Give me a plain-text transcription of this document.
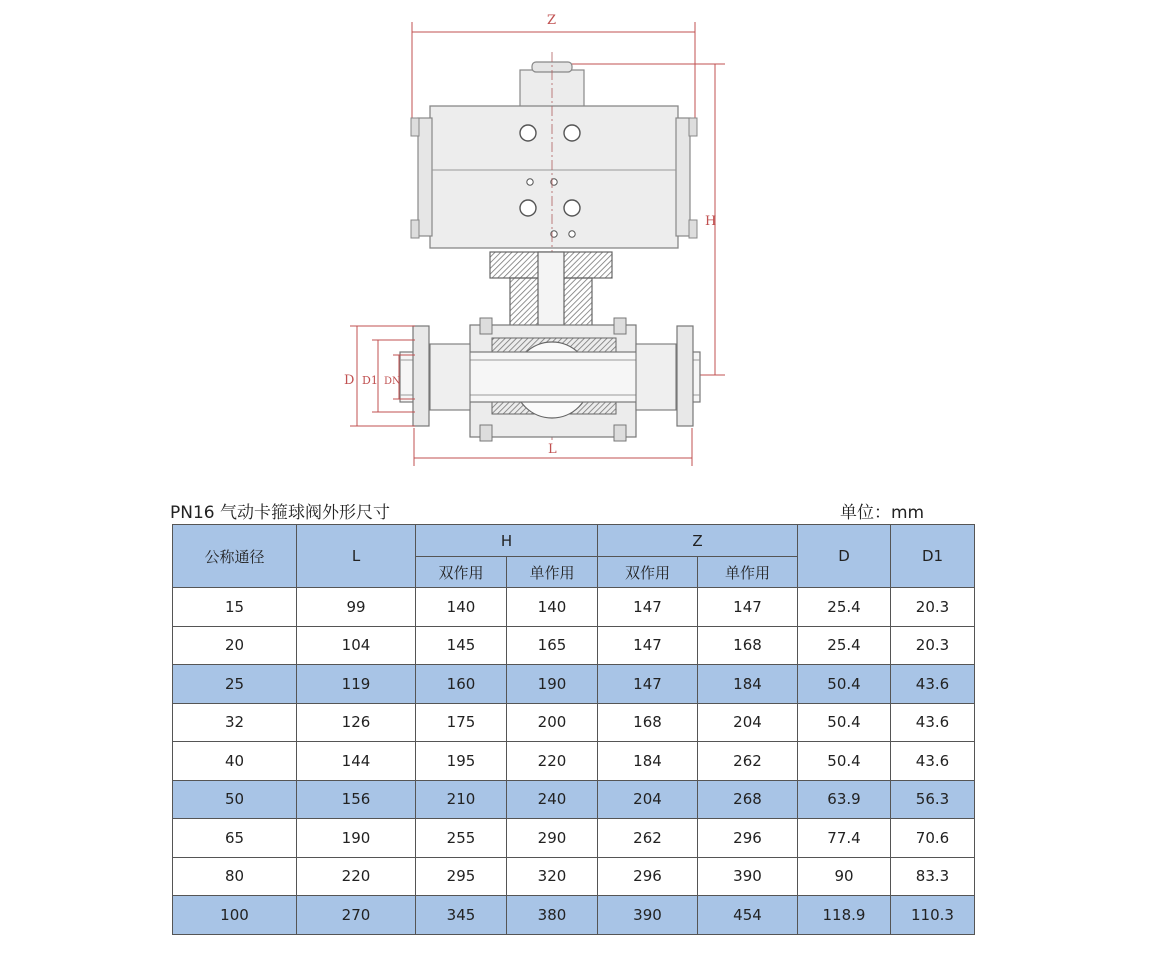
Z
H
L
D D1 DN
PN16 气动卡箍球阀外形尺寸	单位：mm
公称通径	L	H		Z		D	D1
		双作用	单作用	双作用	单作用		
15	99	140	140	147	147	25.4	20.3
20	104	145	165	147	168	25.4	20.3
25	119	160	190	147	184	50.4	43.6
32	126	175	200	168	204	50.4	43.6
40	144	195	220	184	262	50.4	43.6
50	156	210	240	204	268	63.9	56.3
65	190	255	290	262	296	77.4	70.6
80	220	295	320	296	390	90	83.3
100	270	345	380	390	454	118.9	110.3
